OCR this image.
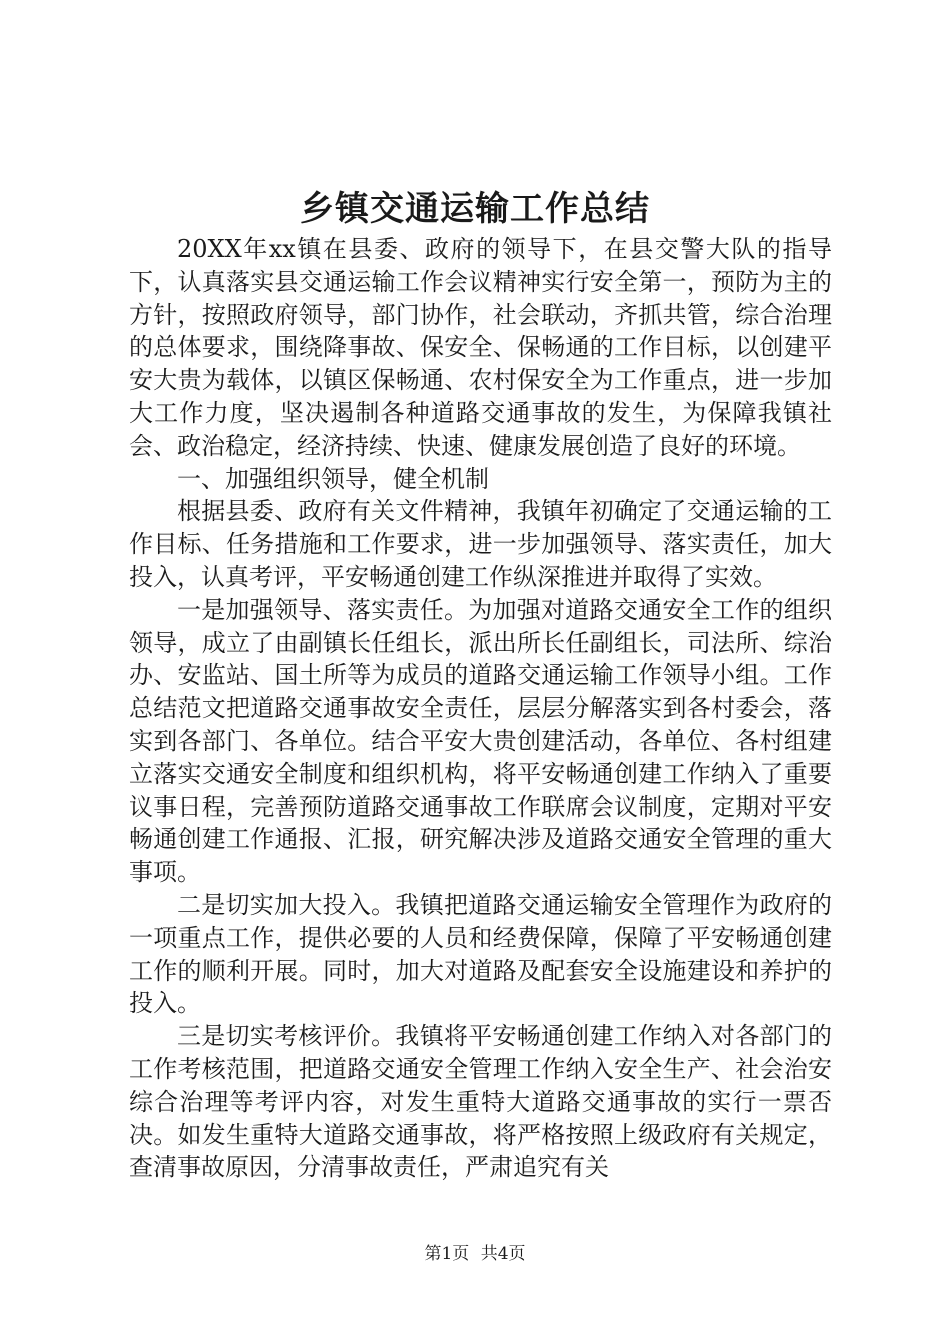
乡镇交通运输工作总结

20XX年xx镇在县委、政府的领导下，在县交警大队的指导下，认真落实县交通运输工作会议精神实行安全第一，预防为主的方针，按照政府领导，部门协作，社会联动，齐抓共管，综合治理的总体要求，围绕降事故、保安全、保畅通的工作目标，以创建平安大贵为载体，以镇区保畅通、农村保安全为工作重点，进一步加大工作力度，坚决遏制各种道路交通事故的发生，为保障我镇社会、政治稳定，经济持续、快速、健康发展创造了良好的环境。

一、加强组织领导，健全机制

根据县委、政府有关文件精神，我镇年初确定了交通运输的工作目标、任务措施和工作要求，进一步加强领导、落实责任，加大投入，认真考评，平安畅通创建工作纵深推进并取得了实效。

一是加强领导、落实责任。为加强对道路交通安全工作的组织领导，成立了由副镇长任组长，派出所长任副组长，司法所、综治办、安监站、国土所等为成员的道路交通运输工作领导小组。工作总结范文把道路交通事故安全责任，层层分解落实到各村委会，落实到各部门、各单位。结合平安大贵创建活动，各单位、各村组建立落实交通安全制度和组织机构，将平安畅通创建工作纳入了重要议事日程，完善预防道路交通事故工作联席会议制度，定期对平安畅通创建工作通报、汇报，研究解决涉及道路交通安全管理的重大事项。

二是切实加大投入。我镇把道路交通运输安全管理作为政府的一项重点工作，提供必要的人员和经费保障，保障了平安畅通创建工作的顺利开展。同时，加大对道路及配套安全设施建设和养护的投入。

三是切实考核评价。我镇将平安畅通创建工作纳入对各部门的工作考核范围，把道路交通安全管理工作纳入安全生产、社会治安综合治理等考评内容，对发生重特大道路交通事故的实行一票否决。如发生重特大道路交通事故，将严格按照上级政府有关规定，查清事故原因，分清事故责任，严肃追究有关

第1页 共4页
